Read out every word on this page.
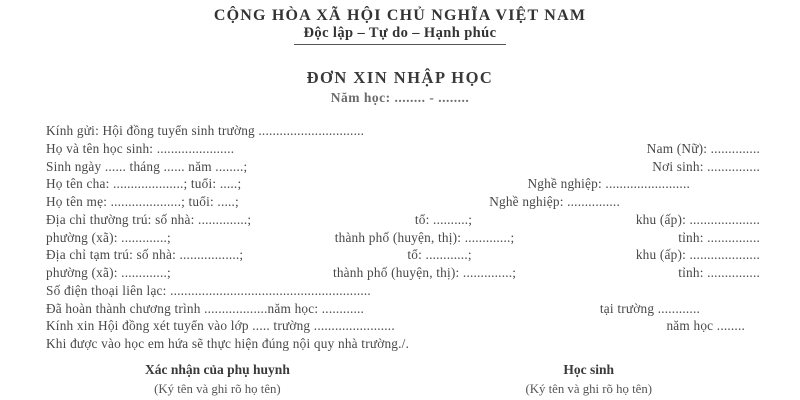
CỘNG HÒA XÃ HỘI CHỦ NGHĨA VIỆT NAM
Độc lập – Tự do – Hạnh phúc
ĐƠN XIN NHẬP HỌC
Năm học: ........ - ........
Kính gửi: Hội đồng tuyển sinh trường ..............................
Họ và tên học sinh: ......................	Nam (Nữ): ..............
Sinh ngày ...... tháng ...... năm ........;	Nơi sinh: ...............
Họ tên cha: ....................; tuổi: .....;	Nghề nghiệp: ........................
Họ tên mẹ: ....................; tuổi: .....;	Nghề nghiệp: ...............
Địa chỉ thường trú: số nhà: ..............;	tổ: ..........;	khu (ấp): ....................
phường (xã): .............;	thành phố (huyện, thị): .............;	tỉnh: ...............
Địa chỉ tạm trú: số nhà: .................;	tổ: ............;	khu (ấp): ....................
phường (xã): .............;	thành phố (huyện, thị): ..............;	tỉnh: ...............
Số điện thoại liên lạc: .........................................................
Đã hoàn thành chương trình ..................năm học: ............	tại trường ............
Kính xin Hội đồng xét tuyển vào lớp ..... trường .......................	năm học ........
Khi được vào học em hứa sẽ thực hiện đúng nội quy nhà trường./.
Xác nhận của phụ huynh
(Ký tên và ghi rõ họ tên)
Học sinh
(Ký tên và ghi rõ họ tên)
